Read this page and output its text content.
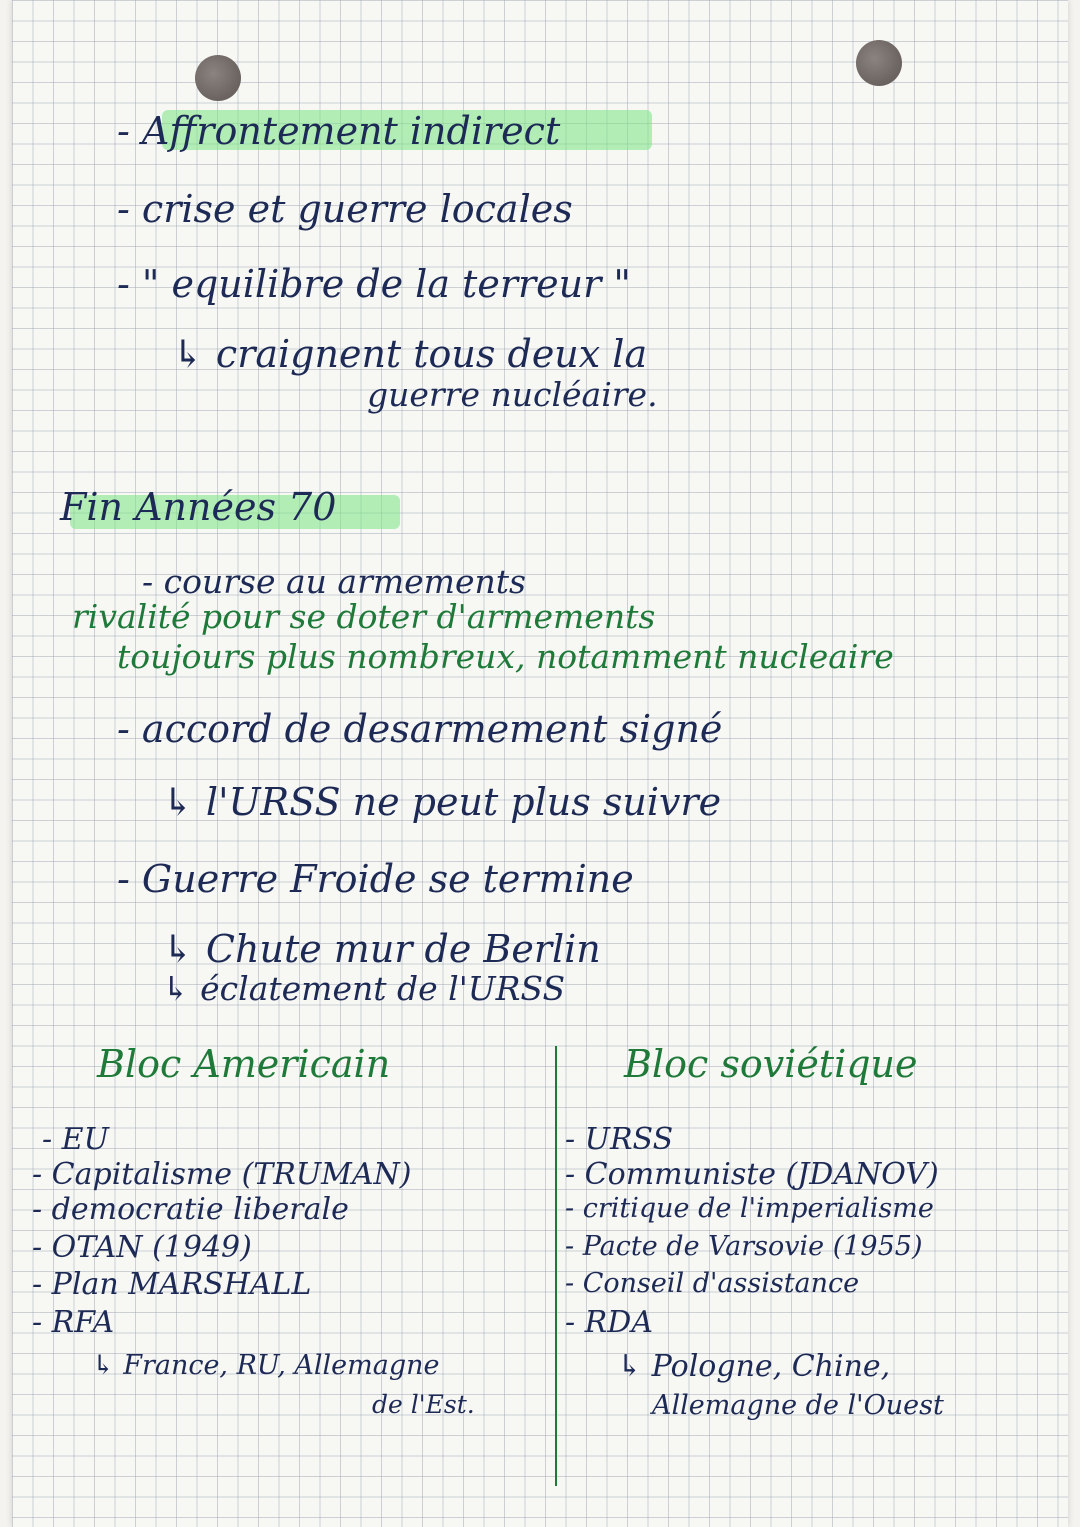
- Affrontement indirect
- crise et guerre locales
- " equilibre de la terreur "
↳ craignent tous deux la
guerre nucléaire.
Fin Années 70
- course au armements
rivalité pour se doter d'armements
toujours plus nombreux, notamment nucleaire
- accord de desarmement signé
↳ l'URSS ne peut plus suivre
- Guerre Froide se termine
↳ Chute mur de Berlin
↳ éclatement de l'URSS
Bloc Americain	Bloc soviétique
- EU
- Capitalisme (TRUMAN)
- democratie liberale
- OTAN (1949)
- Plan MARSHALL
- RFA
↳ France, RU, Allemagne
de l'Est.
- URSS
- Communiste (JDANOV)
- critique de l'imperialisme
- Pacte de Varsovie (1955)
- Conseil d'assistance
- RDA
↳ Pologne, Chine,
Allemagne de l'Ouest
